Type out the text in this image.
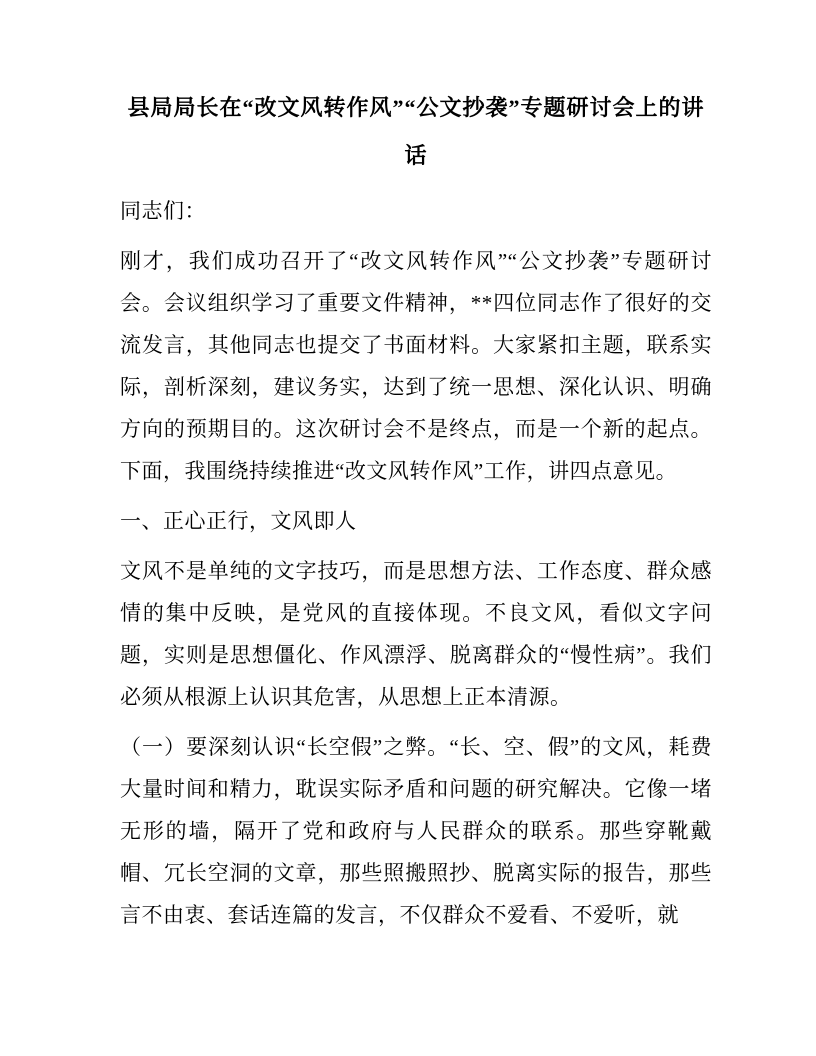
县局局长在“改文风转作风”“公文抄袭”专题研讨会上的讲话

同志们：

刚才，我们成功召开了“改文风转作风”“公文抄袭”专题研讨会。会议组织学习了重要文件精神，**四位同志作了很好的交流发言，其他同志也提交了书面材料。大家紧扣主题，联系实际，剖析深刻，建议务实，达到了统一思想、深化认识、明确方向的预期目的。这次研讨会不是终点，而是一个新的起点。下面，我围绕持续推进“改文风转作风”工作，讲四点意见。

一、正心正行，文风即人

文风不是单纯的文字技巧，而是思想方法、工作态度、群众感情的集中反映，是党风的直接体现。不良文风，看似文字问题，实则是思想僵化、作风漂浮、脱离群众的“慢性病”。我们必须从根源上认识其危害，从思想上正本清源。

（一）要深刻认识“长空假”之弊。“长、空、假”的文风，耗费大量时间和精力，耽误实际矛盾和问题的研究解决。它像一堵无形的墙，隔开了党和政府与人民群众的联系。那些穿靴戴帽、冗长空洞的文章，那些照搬照抄、脱离实际的报告，那些言不由衷、套话连篇的发言，不仅群众不爱看、不爱听，就
